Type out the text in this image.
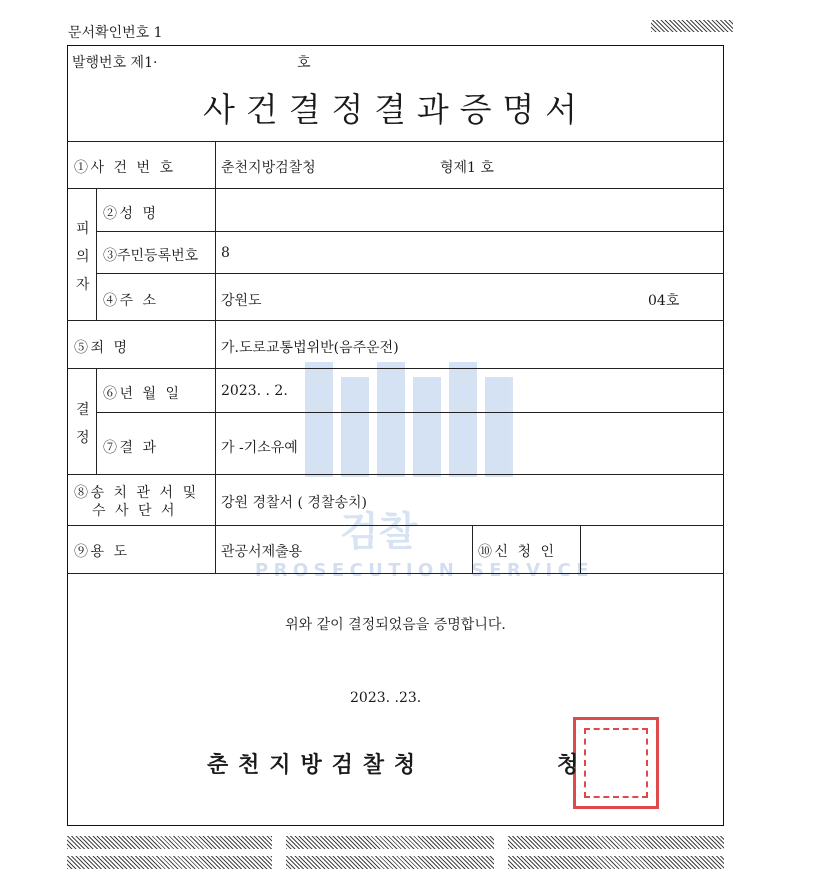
문서확인번호 1
발행번호 제1·	호
사건결정결과증명서
검찰
PROSECUTION SERVICE
①사 건 번 호	춘천지방검찰청	형제1 호
피의자
②성 명
③주민등록번호 8
④주 소	강원도	04호
⑤죄 명	가.도로교통법위반(음주운전)
결정
⑥년 월 일	2023. . 2.
⑦결 과	가 -기소유예
⑧송 치 관 서 및
수 사 단 서	강원 경찰서 ( 경찰송치)
⑨용 도	관공서제출용	⑩신 청 인
위와 같이 결정되었음을 증명합니다.
2023. .23.
춘천지방검찰청	청
